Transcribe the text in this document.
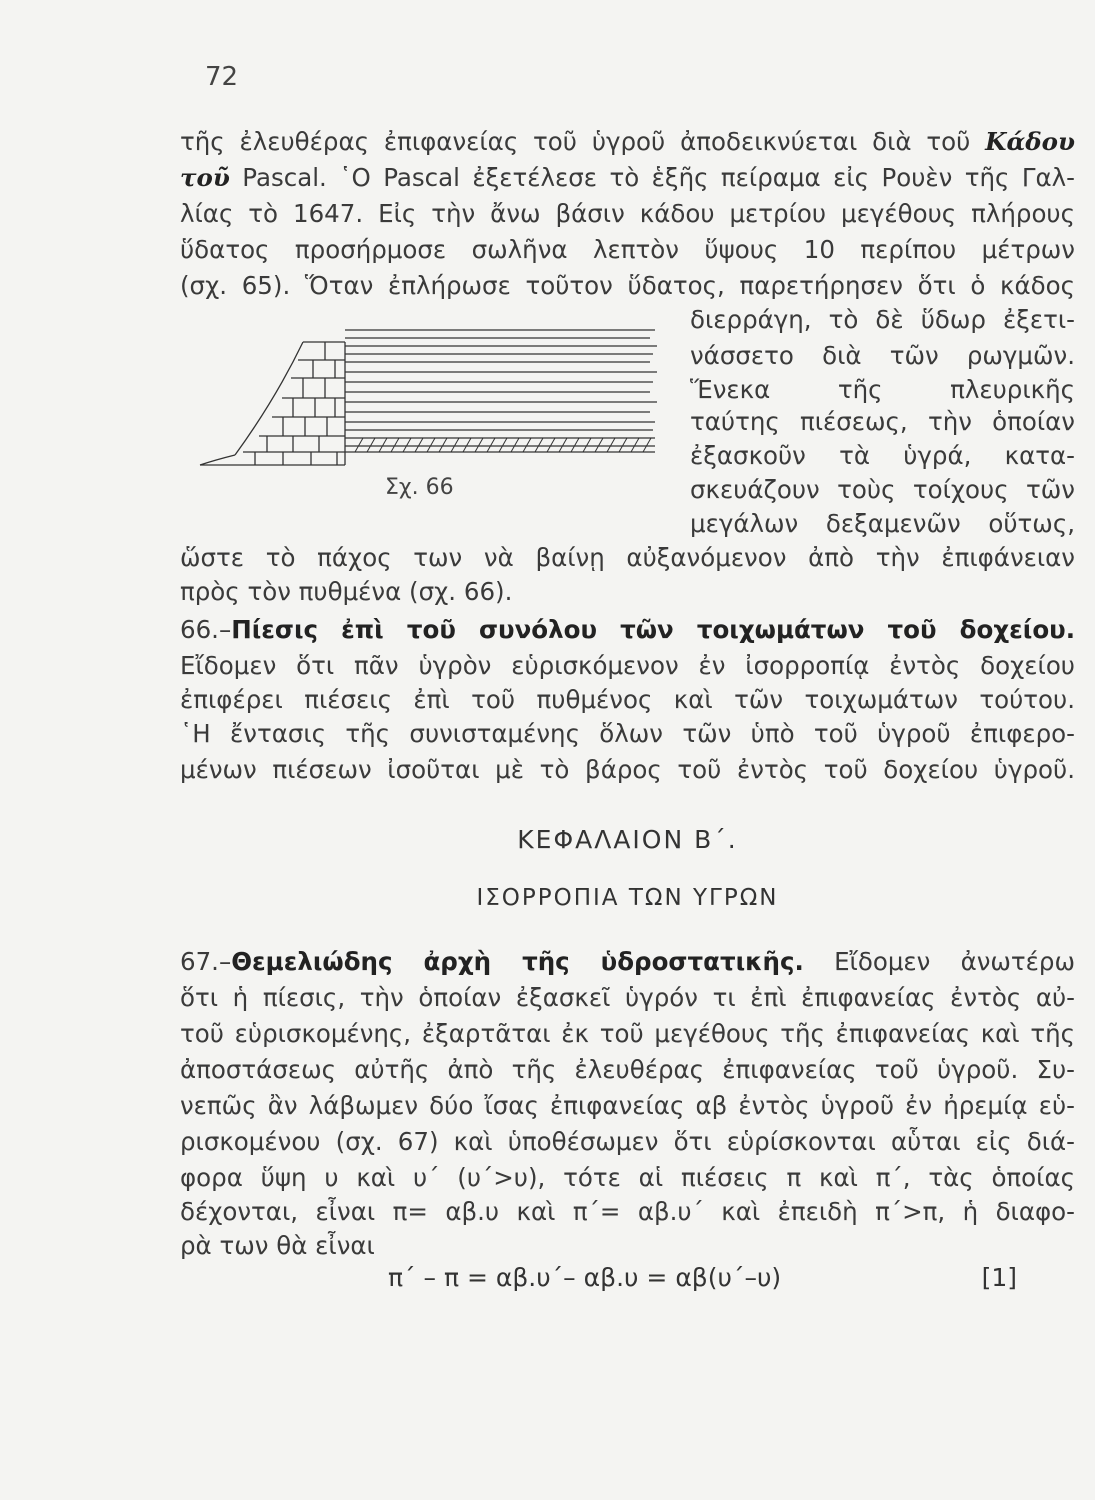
72
τῆς ἐλευθέρας ἐπιφανείας τοῦ ὑγροῦ ἀποδεικνύεται διὰ τοῦ Κάδου
τοῦ Pascal. ῾Ο Pascal ἐξετέλεσε τὸ ἑξῆς πείραμα εἰς Ρουὲν τῆς Γαλ-
λίας τὸ 1647. Εἰς τὴν ἄνω βάσιν κάδου μετρίου μεγέθους πλήρους
ὕδατος προσήρμοσε σωλῆνα λεπτὸν ὕψους 10 περίπου μέτρων
(σχ. 65). Ὅταν ἐπλήρωσε τοῦτον ὕδατος, παρετήρησεν ὅτι ὁ κάδος
διερράγη, τὸ δὲ ὕδωρ ἐξετι-
νάσσετο διὰ τῶν ρωγμῶν.
Ἕνεκα τῆς πλευρικῆς
ταύτης πιέσεως, τὴν ὁποίαν
ἐξασκοῦν τὰ ὑγρά, κατα-
σκευάζουν τοὺς τοίχους τῶν
μεγάλων δεξαμενῶν οὕτως,
Σχ. 66
ὥστε τὸ πάχος των νὰ βαίνῃ αὐξανόμενον ἀπὸ τὴν ἐπιφάνειαν
πρὸς τὸν πυθμένα (σχ. 66).
66.–Πίεσις ἐπὶ τοῦ συνόλου τῶν τοιχωμάτων τοῦ δοχείου.
Εἴδομεν ὅτι πᾶν ὑγρὸν εὑρισκόμενον ἐν ἰσορροπίᾳ ἐντὸς δοχείου
ἐπιφέρει πιέσεις ἐπὶ τοῦ πυθμένος καὶ τῶν τοιχωμάτων τούτου.
῾Η ἔντασις τῆς συνισταμένης ὅλων τῶν ὑπὸ τοῦ ὑγροῦ ἐπιφερο-
μένων πιέσεων ἰσοῦται μὲ τὸ βάρος τοῦ ἐντὸς τοῦ δοχείου ὑγροῦ.
ΚΕΦΑΛΑΙΟΝ Β΄.
ΙΣΟΡΡΟΠΙΑ ΤΩΝ ΥΓΡΩΝ
67.–Θεμελιώδης ἀρχὴ τῆς ὑδροστατικῆς. Εἴδομεν ἀνωτέρω
ὅτι ἡ πίεσις, τὴν ὁποίαν ἐξασκεῖ ὑγρόν τι ἐπὶ ἐπιφανείας ἐντὸς αὐ-
τοῦ εὑρισκομένης, ἐξαρτᾶται ἐκ τοῦ μεγέθους τῆς ἐπιφανείας καὶ τῆς
ἀποστάσεως αὐτῆς ἀπὸ τῆς ἐλευθέρας ἐπιφανείας τοῦ ὑγροῦ. Συ-
νεπῶς ἂν λάβωμεν δύο ἴσας ἐπιφανείας αβ ἐντὸς ὑγροῦ ἐν ἠρεμίᾳ εὑ-
ρισκομένου (σχ. 67) καὶ ὑποθέσωμεν ὅτι εὑρίσκονται αὗται εἰς διά-
φορα ὕψη υ καὶ υ΄ (υ΄>υ), τότε αἱ πιέσεις π καὶ π΄, τὰς ὁποίας
δέχονται, εἶναι π= αβ.υ καὶ π΄= αβ.υ΄ καὶ ἐπειδὴ π΄>π, ἡ διαφο-
ρὰ των θὰ εἶναι
π΄ – π = αβ.υ΄– αβ.υ = αβ(υ΄–υ)	[1]
